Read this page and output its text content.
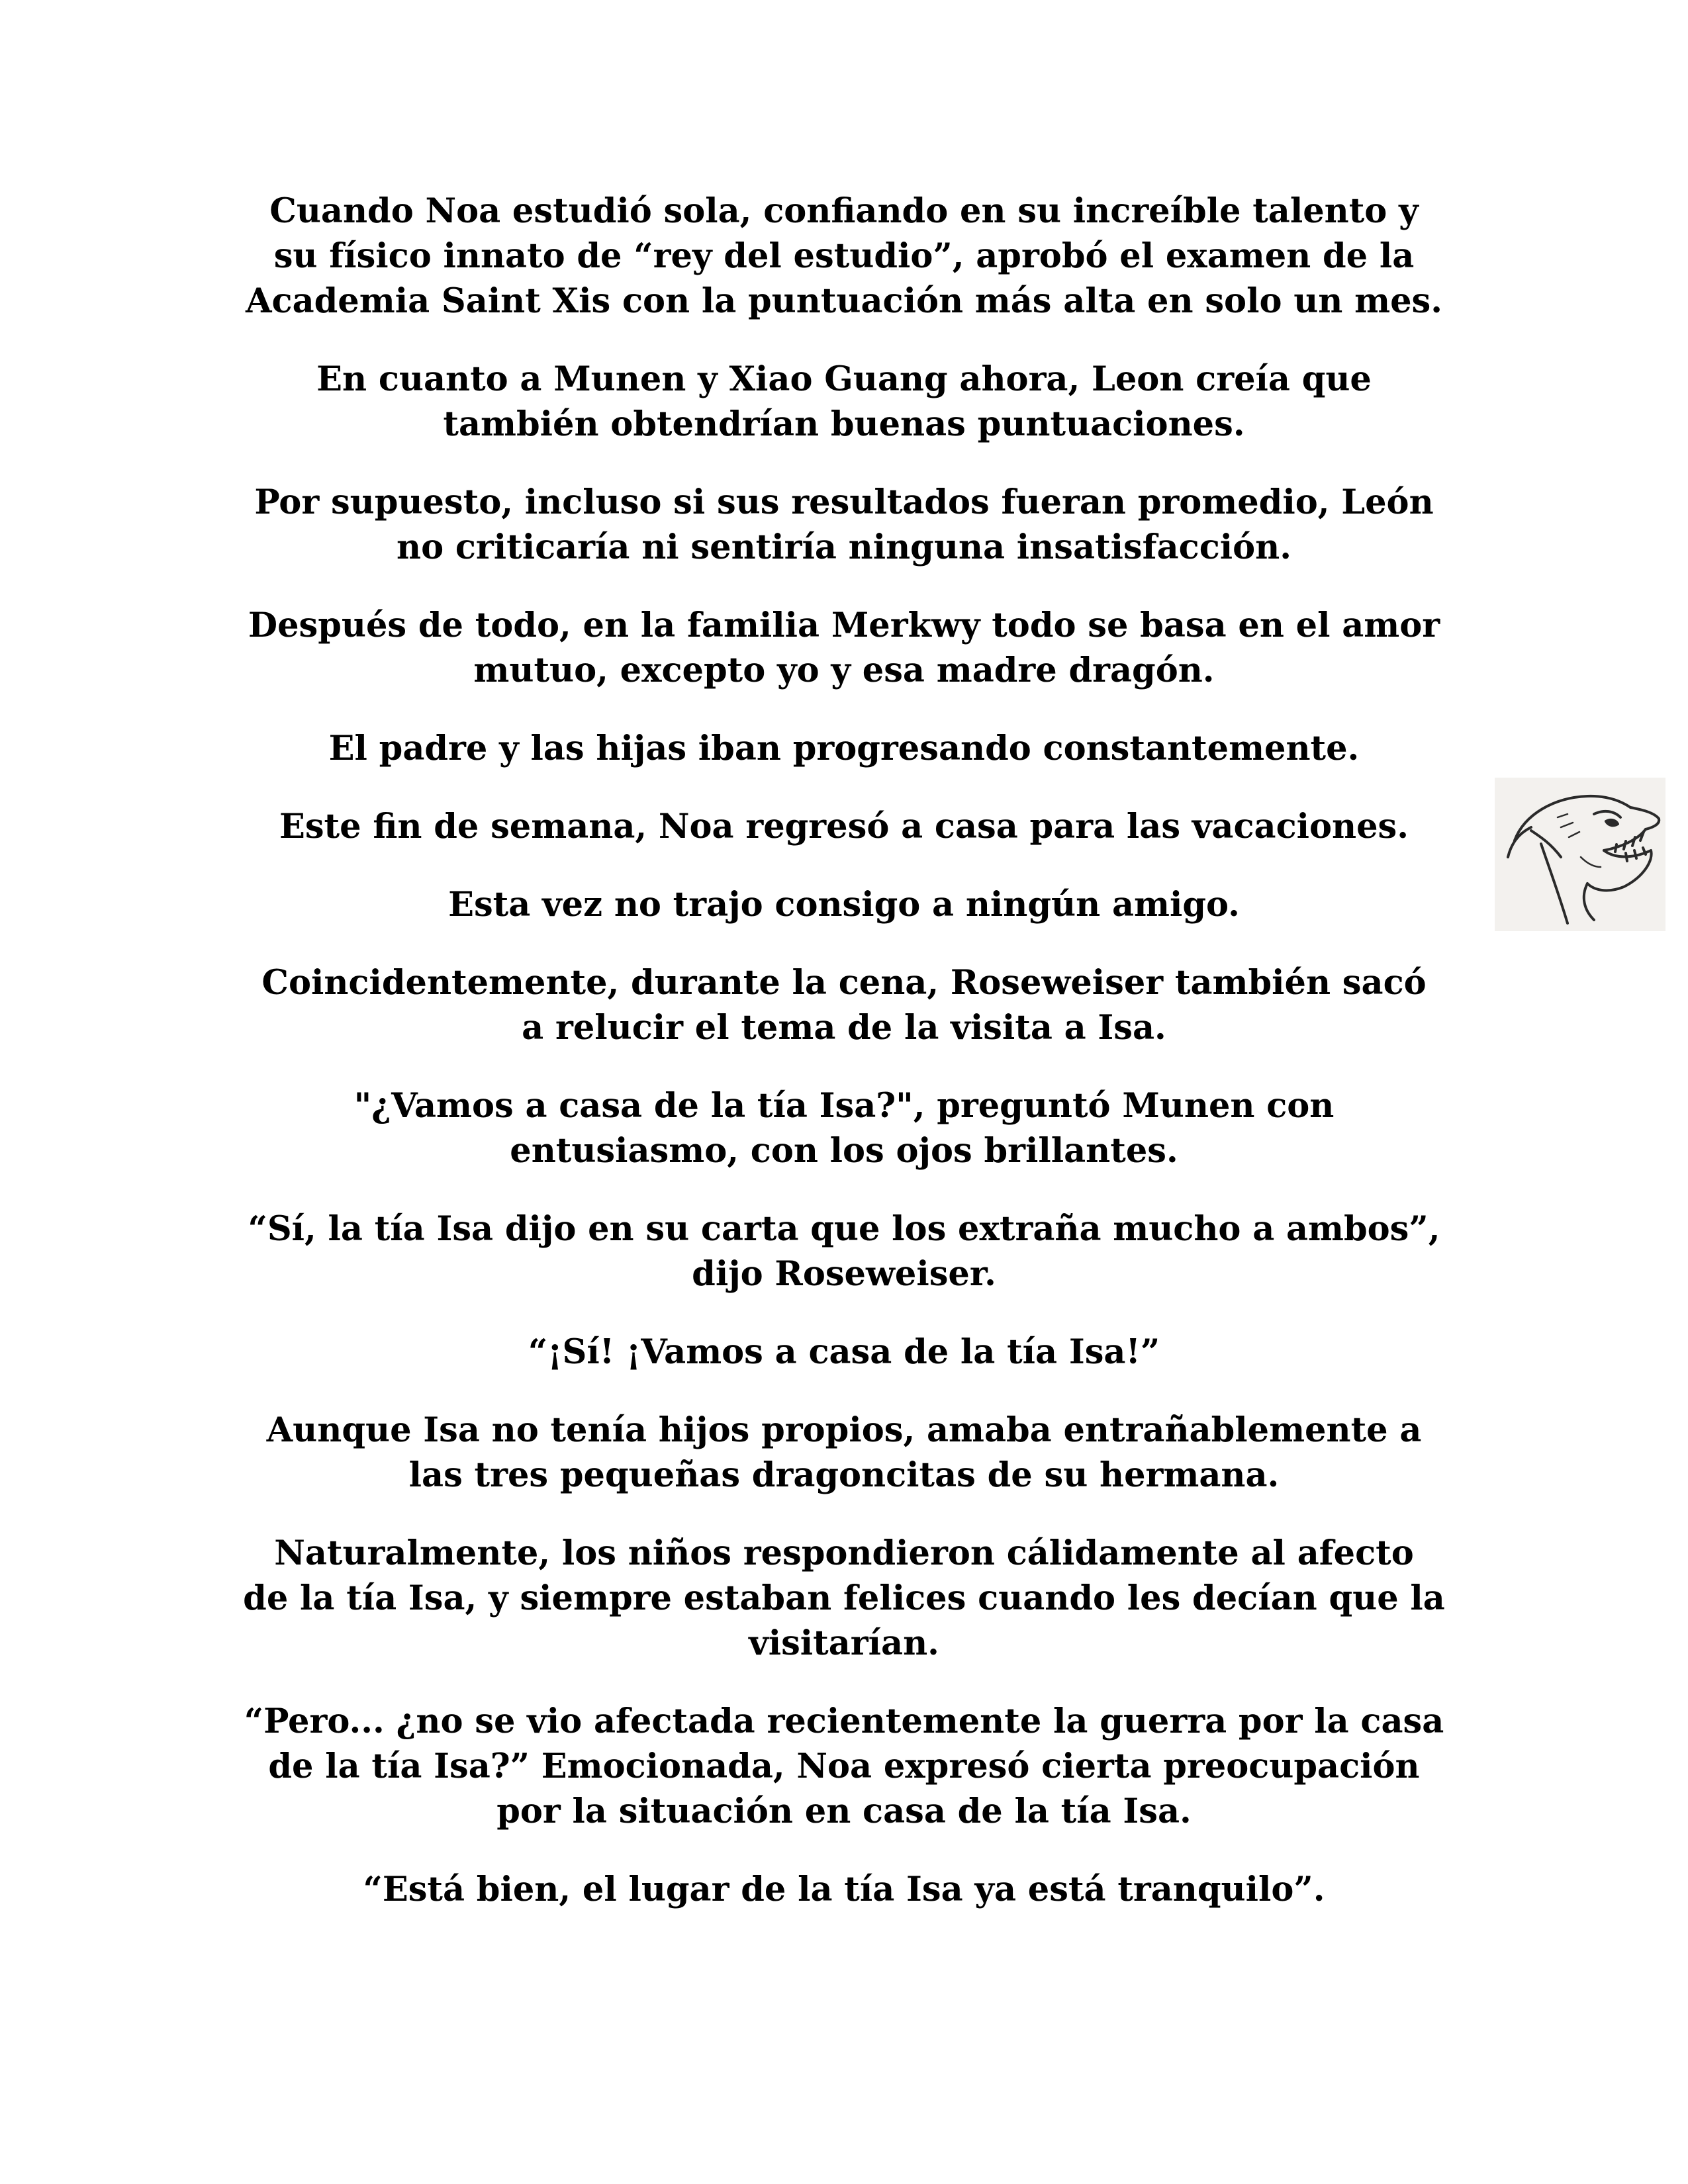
Cuando Noa estudió sola, confiando en su increíble talento y
su físico innato de “rey del estudio”, aprobó el examen de la
Academia Saint Xis con la puntuación más alta en solo un mes.

En cuanto a Munen y Xiao Guang ahora, Leon creía que
también obtendrían buenas puntuaciones.

Por supuesto, incluso si sus resultados fueran promedio, León
no criticaría ni sentiría ninguna insatisfacción.

Después de todo, en la familia Merkwy todo se basa en el amor
mutuo, excepto yo y esa madre dragón.

El padre y las hijas iban progresando constantemente.

Este fin de semana, Noa regresó a casa para las vacaciones.

Esta vez no trajo consigo a ningún amigo.

Coincidentemente, durante la cena, Roseweiser también sacó
a relucir el tema de la visita a Isa.

"¿Vamos a casa de la tía Isa?", preguntó Munen con
entusiasmo, con los ojos brillantes.

“Sí, la tía Isa dijo en su carta que los extraña mucho a ambos”,
dijo Roseweiser.

“¡Sí! ¡Vamos a casa de la tía Isa!”

Aunque Isa no tenía hijos propios, amaba entrañablemente a
las tres pequeñas dragoncitas de su hermana.

Naturalmente, los niños respondieron cálidamente al afecto
de la tía Isa, y siempre estaban felices cuando les decían que la
visitarían.

“Pero... ¿no se vio afectada recientemente la guerra por la casa
de la tía Isa?” Emocionada, Noa expresó cierta preocupación
por la situación en casa de la tía Isa.

“Está bien, el lugar de la tía Isa ya está tranquilo”.
